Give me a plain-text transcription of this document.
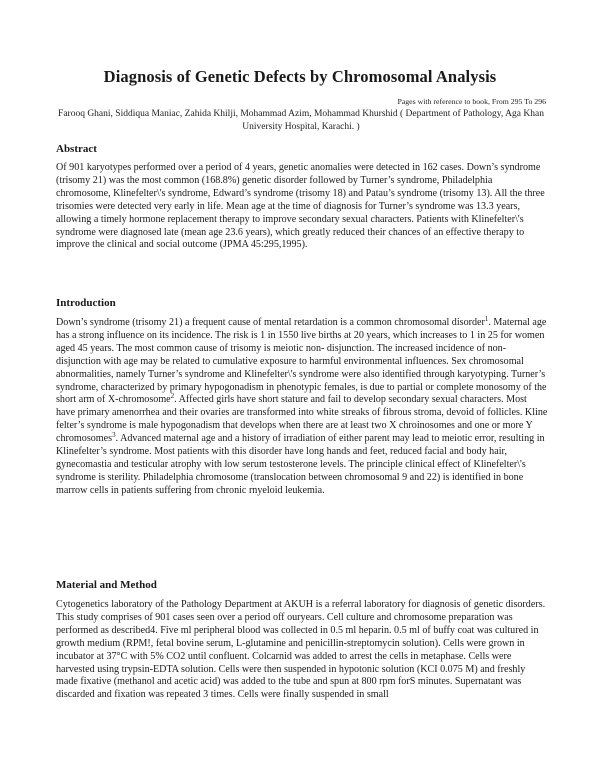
Diagnosis of Genetic Defects by Chromosomal Analysis
Pages with reference to book, From 295 To 296
Farooq Ghani, Siddiqua Maniac, Zahida Khilji, Mohammad Azim, Mohammad Khurshid ( Department of Pathology, Aga Khan University Hospital, Karachi. )
Abstract

Of 901 karyotypes performed over a period of 4 years, genetic anomalies were detected in 162 cases. Down’s syndrome (trisomy 21) was the most common (168.8%) genetic disorder followed by Turner’s syndrome, Philadelphia chromosome, Klinefelter\'s syndrome, Edward’s syndrome (trisomy 18) and Patau’s syndrome (trisomy 13). All the three trisomies were detected very early in life. Mean age at the time of diagnosis for Turner’s syndrome was 13.3 years, allowing a timely hormone replacement therapy to improve secondary sexual characters. Patients with Klinefelter\'s syndrome were diagnosed late (mean age 23.6 years), which greatly reduced their chances of an effective therapy to improve the clinical and social outcome (JPMA 45:295,1995).

Introduction

Down’s syndrome (trisomy 21) a frequent cause of mental retardation is a common chromosomal disorder$^1$. Maternal age has a strong influence on its incidence. The risk is 1 in 1550 live births at 20 years, which increases to 1 in 25 for women aged 45 years. The most common cause of trisomy is meiotic non- disjunction. The increased incidence of non-disjunction with age may be related to cumulative exposure to harmful environmental influences. Sex chromosomal abnormalities, namely Turner’s syndrome and Klinefelter\'s syndrome were also identified through karyotyping. Turner’s syndrome, characterized by primary hypogonadism in phenotypic females, is due to partial or complete monosomy of the short arm of X-chromosome$^2$. Affected girls have short stature and fail to develop secondary sexual characters. Most have primary amenorrhea and their ovaries are transformed into white streaks of fibrous stroma, devoid of follicles. Kline felter’s syndrome is male hypogonadism that develops when there are at least two X chroinosomes and one or more Y chromosomes$^3$. Advanced maternal age and a history of irradiation of either parent may lead to meiotic error, resulting in Klinefelter’s syndrome. Most patients with this disorder have long hands and feet, reduced facial and body hair, gynecomastia and testicular atrophy with low serum testosterone levels. The principle clinical effect of Klinefelter\'s syndrome is sterility. Philadelphia chromosome (translocation between chromosomal 9 and 22) is identified in bone marrow cells in patients suffering from chronic rnyeloid leukemia.

Material and Method

Cytogenetics laboratory of the Pathology Department at AKUH is a referral laboratory for diagnosis of genetic disorders. This study comprises of 901 cases seen over a period off ouryears. Cell culture and chromosome preparation was performed as described4. Five ml peripheral blood was collected in 0.5 ml heparin. 0.5 ml of buffy coat was cultured in growth medium (RPM!, fetal bovine serum, L-glutamine and penicillin-streptomycin solution). Cells were grown in incubator at 37°C with 5% CO2 until confluent. Colcarnid was added to arrest the cells in metaphase. Cells were harvested using trypsin-EDTA solution. Cells were then suspended in hypotonic solution (KCI 0.075 M) and freshly made fixative (methanol and acetic acid) was added to the tube and spun at 800 rpm forS minutes. Supernatant was discarded and fixation was repeated 3 times. Cells were finally suspended in small
